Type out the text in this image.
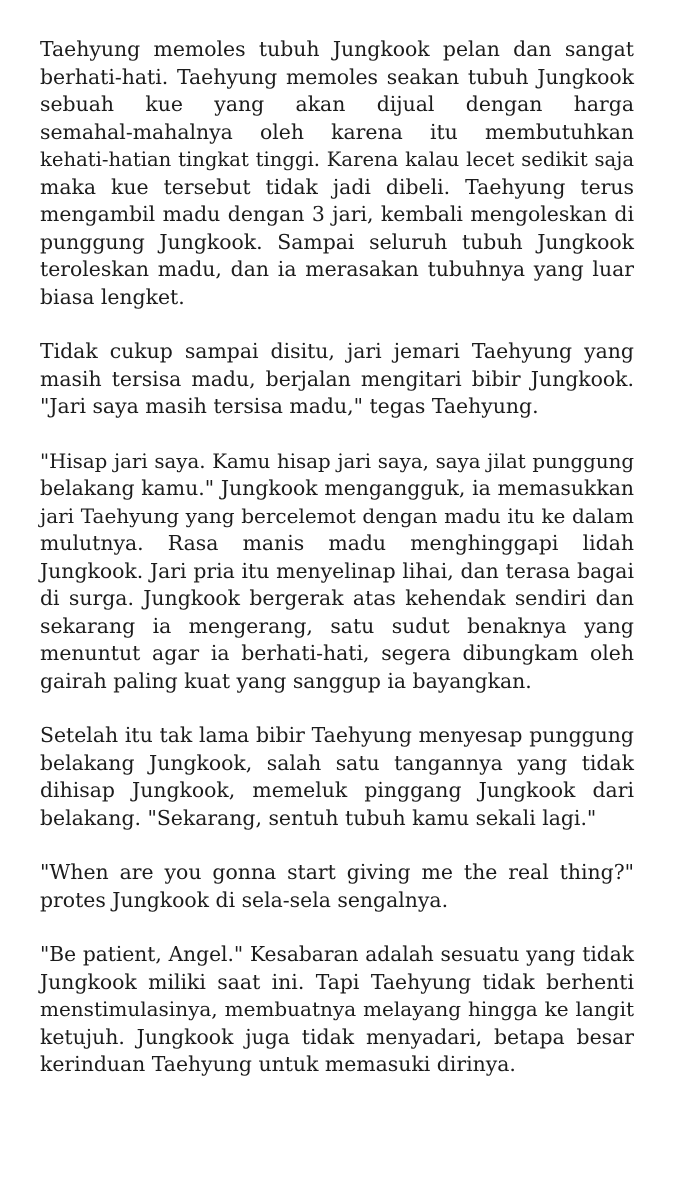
Taehyung memoles tubuh Jungkook pelan dan sangat
berhati-hati. Taehyung memoles seakan tubuh Jungkook
sebuah kue yang akan dijual dengan harga
semahal-mahalnya oleh karena itu membutuhkan
kehati-hatian tingkat tinggi. Karena kalau lecet sedikit saja
maka kue tersebut tidak jadi dibeli. Taehyung terus
mengambil madu dengan 3 jari, kembali mengoleskan di
punggung Jungkook. Sampai seluruh tubuh Jungkook
teroleskan madu, dan ia merasakan tubuhnya yang luar
biasa lengket.

Tidak cukup sampai disitu, jari jemari Taehyung yang
masih tersisa madu, berjalan mengitari bibir Jungkook.
"Jari saya masih tersisa madu," tegas Taehyung.

"Hisap jari saya. Kamu hisap jari saya, saya jilat punggung
belakang kamu." Jungkook mengangguk, ia memasukkan
jari Taehyung yang bercelemot dengan madu itu ke dalam
mulutnya. Rasa manis madu menghinggapi lidah
Jungkook. Jari pria itu menyelinap lihai, dan terasa bagai
di surga. Jungkook bergerak atas kehendak sendiri dan
sekarang ia mengerang, satu sudut benaknya yang
menuntut agar ia berhati-hati, segera dibungkam oleh
gairah paling kuat yang sanggup ia bayangkan.

Setelah itu tak lama bibir Taehyung menyesap punggung
belakang Jungkook, salah satu tangannya yang tidak
dihisap Jungkook, memeluk pinggang Jungkook dari
belakang. "Sekarang, sentuh tubuh kamu sekali lagi."

"When are you gonna start giving me the real thing?"
protes Jungkook di sela-sela sengalnya.

"Be patient, Angel." Kesabaran adalah sesuatu yang tidak
Jungkook miliki saat ini. Tapi Taehyung tidak berhenti
menstimulasinya, membuatnya melayang hingga ke langit
ketujuh. Jungkook juga tidak menyadari, betapa besar
kerinduan Taehyung untuk memasuki dirinya.
